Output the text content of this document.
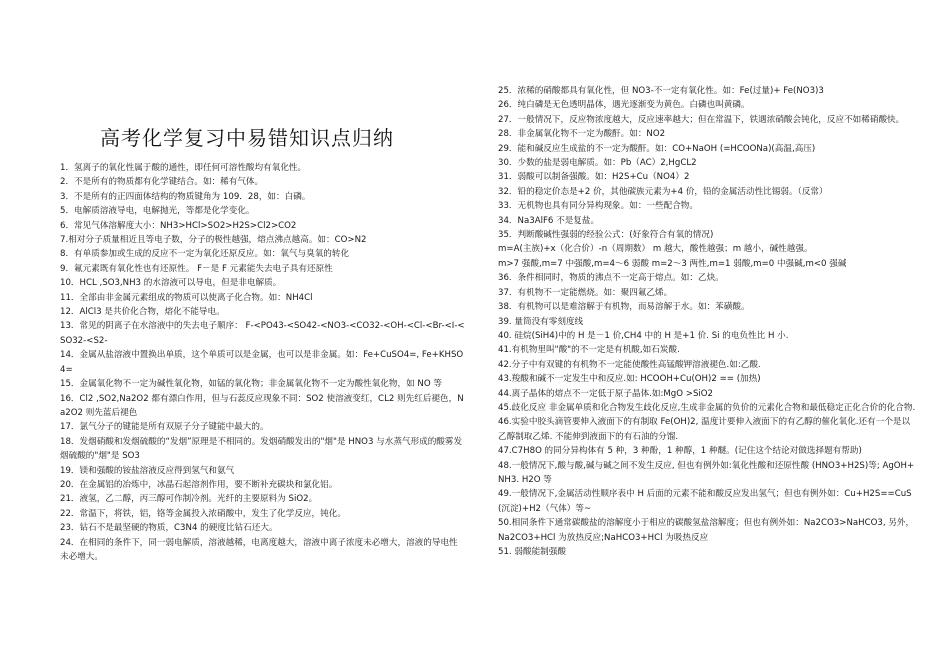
高考化学复习中易错知识点归纳

1．氢离子的氧化性属于酸的通性，即任何可溶性酸均有氧化性。

2．不是所有的物质都有化学键结合。如：稀有气体。

3．不是所有的正四面体结构的物质键角为 109．28，如：白磷。

5．电解质溶液导电，电解抛光，等都是化学变化。

6．常见气体溶解度大小：NH3>HCl>SO2>H2S>Cl2>CO2

7.相对分子质量相近且等电子数，分子的极性越强，熔点沸点越高。如：CO>N2

8．有单质参加或生成的反应不一定为氧化还原反应。如：氧气与臭氧的转化

9．氟元素既有氧化性也有还原性。 F－是 F 元素能失去电子具有还原性

10．HCL ,SO3,NH3 的水溶液可以导电，但是非电解质。

11．全部由非金属元素组成的物质可以使离子化合物。如：NH4Cl

12．AlCl3 是共价化合物，熔化不能导电。

13．常见的阴离子在水溶液中的失去电子顺序： F-<PO43-<SO42-<NO3-<CO32-<OH-<Cl-<Br-<I-<SO32-<S2-

14．金属从盐溶液中置换出单质，这个单质可以是金属，也可以是非金属。如：Fe+CuSO4=, Fe+KHSO4=

15．金属氧化物不一定为碱性氧化物，如锰的氧化物；非金属氧化物不一定为酸性氧化物，如 NO 等

16．Cl2 ,SO2,Na2O2 都有漂白作用，但与石蕊反应现象不同：SO2 使溶液变红，CL2 则先红后褪色，Na2O2 则先蓝后褪色

17．氯气分子的键能是所有双原子分子键能中最大的。

18．发烟硝酸和发烟硫酸的“发烟”原理是不相同的。发烟硝酸发出的"烟"是 HNO3 与水蒸气形成的酸雾发烟硫酸的"烟"是 SO3

19．镁和强酸的铵盐溶液反应得到氢气和氨气

20．在金属铝的冶炼中，冰晶石起溶剂作用，要不断补充碳块和氯化铝。

21．液氢，乙二醇，丙三醇可作制冷剂。光纤的主要原料为 SiO2。

22．常温下，将铁，铝，铬等金属投入浓硝酸中，发生了化学反应，钝化。

23．钻石不是最坚硬的物质，C3N4 的硬度比钻石还大。

24．在相同的条件下，同一弱电解质，溶液越稀，电离度越大，溶液中离子浓度未必增大，溶液的导电性未必增大。

25．浓稀的硝酸都具有氧化性，但 NO3-不一定有氧化性。如：Fe(过量)+ Fe(NO3)3

26．纯白磷是无色透明晶体，遇光逐渐变为黄色。白磷也叫黄磷。

27．一般情况下，反应物浓度越大，反应速率越大；但在常温下，铁遇浓硝酸会钝化，反应不如稀硝酸快。

28．非金属氧化物不一定为酸酐。如：NO2

29．能和碱反应生成盐的不一定为酸酐。如：CO+NaOH (=HCOONa)(高温,高压)

30．少数的盐是弱电解质。如：Pb（AC）2,HgCL2

31．弱酸可以制备强酸。如：H2S+Cu（NO4）2

32．铅的稳定价态是+2 价，其他碳族元素为+4 价，铅的金属活动性比锡弱。（反常）

33．无机物也具有同分异构现象。如：一些配合物。

34．Na3AlF6 不是复盐。

35．判断酸碱性强弱的经验公式：(好象符合有氧的情况)

m=A(主族)+x（化合价）-n（周期数） m 越大，酸性越强；m 越小，碱性越强。

m>7 强酸,m=7 中强酸,m=4～6 弱酸 m=2～3 两性,m=1 弱酸,m=0 中强碱,m<0 强碱

36．条件相同时，物质的沸点不一定高于熔点。如：乙炔。

37．有机物不一定能燃烧。如：聚四氟乙烯。

38．有机物可以是难溶解于有机物，而易溶解于水。如：苯磺酸。

39. 量筒没有零刻度线

40. 硅烷(SiH4)中的 H 是－1 价,CH4 中的 H 是+1 价. Si 的电负性比 H 小.

41.有机物里叫"酸"的不一定是有机酸,如石炭酸.

42.分子中有双键的有机物不一定能使酸性高锰酸钾溶液褪色.如:乙酸.

43.羧酸和碱不一定发生中和反应.如: HCOOH+Cu(OH)2 == (加热)

44.离子晶体的熔点不一定低于原子晶体.如:MgO >SiO2

45.歧化反应 非金属单质和化合物发生歧化反应,生成非金属的负价的元素化合物和最低稳定正化合价的化合物.

46.实验中胶头滴管要伸入液面下的有制取 Fe(OH)2, 温度计要伸入液面下的有乙醇的催化氧化.还有一个是以乙醇制取乙烯. 不能伸到液面下的有石油的分馏.

47.C7H8O 的同分异构体有 5 种，3 种酚，1 种醇，1 种醚。(记住这个结论对做选择题有帮助)

48.一般情况下,酸与酸,碱与碱之间不发生反应, 但也有例外如:氧化性酸和还原性酸 (HNO3+H2S)等; AgOH+NH3. H2O 等

49.一般情况下,金属活动性顺序表中 H 后面的元素不能和酸反应发出氢气；但也有例外如：Cu+H2S==CuS(沉淀)+H2（气体）等~

50.相同条件下通常碳酸盐的溶解度小于相应的碳酸氢盐溶解度；但也有例外如：Na2CO3>NaHCO3, 另外，Na2CO3+HCl 为放热反应;NaHCO3+HCl 为吸热反应

51. 弱酸能制强酸
